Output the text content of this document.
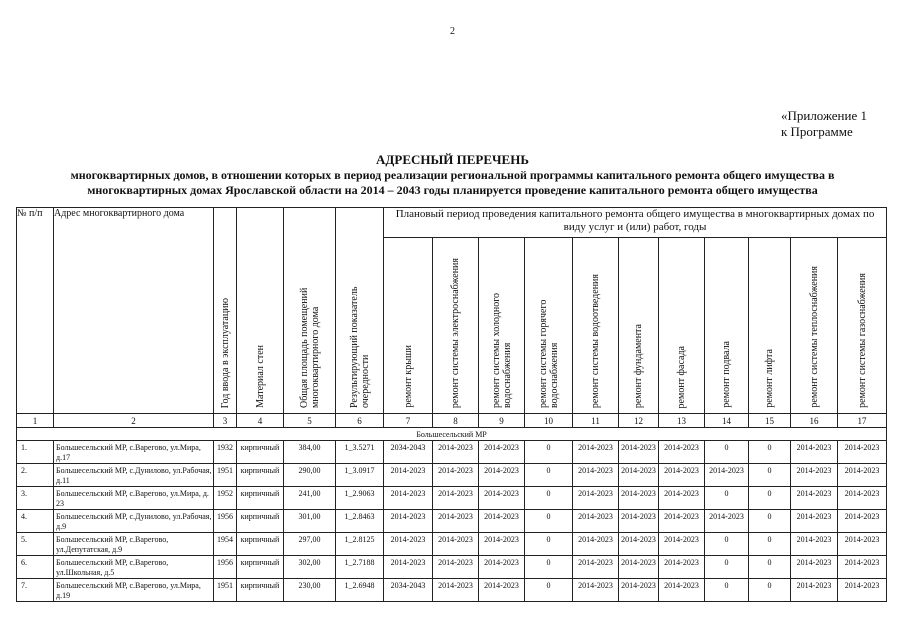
2
«Приложение 1
к Программе
АДРЕСНЫЙ ПЕРЕЧЕНЬ
многоквартирных домов, в отношении которых в период реализации региональной программы капитального ремонта общего имущества в многоквартирных домах Ярославской области на 2014 – 2043 годы планируется проведение капитального ремонта общего имущества
№ п/п	Адрес многоквартирного дома	Год ввода в эксплуатацию	Материал стен	Общая площадь помещений многоквартирного дома	Результирующий показатель очередности	Плановый период проведения капитального ремонта общего имущества в многоквартирных домах по виду услуг и (или) работ, годы										
						ремонт крыши	ремонт системы электроснабжения	ремонт системы холодного водоснабжения	ремонт системы горячего водоснабжения	ремонт системы водоотведения	ремонт фундамента	ремонт фасада	ремонт подвала	ремонт лифта	ремонт системы теплоснабжения	ремонт системы газоснабжения
1	2	3	4	5	6	7	8	9	10	11	12	13	14	15	16	17
Большесельский МР																
1.	Большесельский МР, с.Варегово, ул.Мира, д.17	1932	кирпичный	384,00	1_3.5271	2034-2043	2014-2023	2014-2023	0	2014-2023	2014-2023	2014-2023	0	0	2014-2023	2014-2023
2.	Большесельский МР, с.Дунилово, ул.Рабочая, д.11	1951	кирпичный	290,00	1_3.0917	2014-2023	2014-2023	2014-2023	0	2014-2023	2014-2023	2014-2023	2014-2023	0	2014-2023	2014-2023
3.	Большесельский МР, с.Варегово, ул.Мира, д. 23	1952	кирпичный	241,00	1_2.9063	2014-2023	2014-2023	2014-2023	0	2014-2023	2014-2023	2014-2023	0	0	2014-2023	2014-2023
4.	Большесельский МР, с.Дунилово, ул.Рабочая, д.9	1956	кирпичный	301,00	1_2.8463	2014-2023	2014-2023	2014-2023	0	2014-2023	2014-2023	2014-2023	2014-2023	0	2014-2023	2014-2023
5.	Большесельский МР, с.Варегово, ул.Депутатская, д.9	1954	кирпичный	297,00	1_2.8125	2014-2023	2014-2023	2014-2023	0	2014-2023	2014-2023	2014-2023	0	0	2014-2023	2014-2023
6.	Большесельский МР, с.Варегово, ул.Школьная, д.5	1956	кирпичный	302,00	1_2.7188	2014-2023	2014-2023	2014-2023	0	2014-2023	2014-2023	2014-2023	0	0	2014-2023	2014-2023
7.	Большесельский МР, с.Варегово, ул.Мира, д.19	1951	кирпичный	230,00	1_2.6948	2034-2043	2014-2023	2014-2023	0	2014-2023	2014-2023	2014-2023	0	0	2014-2023	2014-2023
